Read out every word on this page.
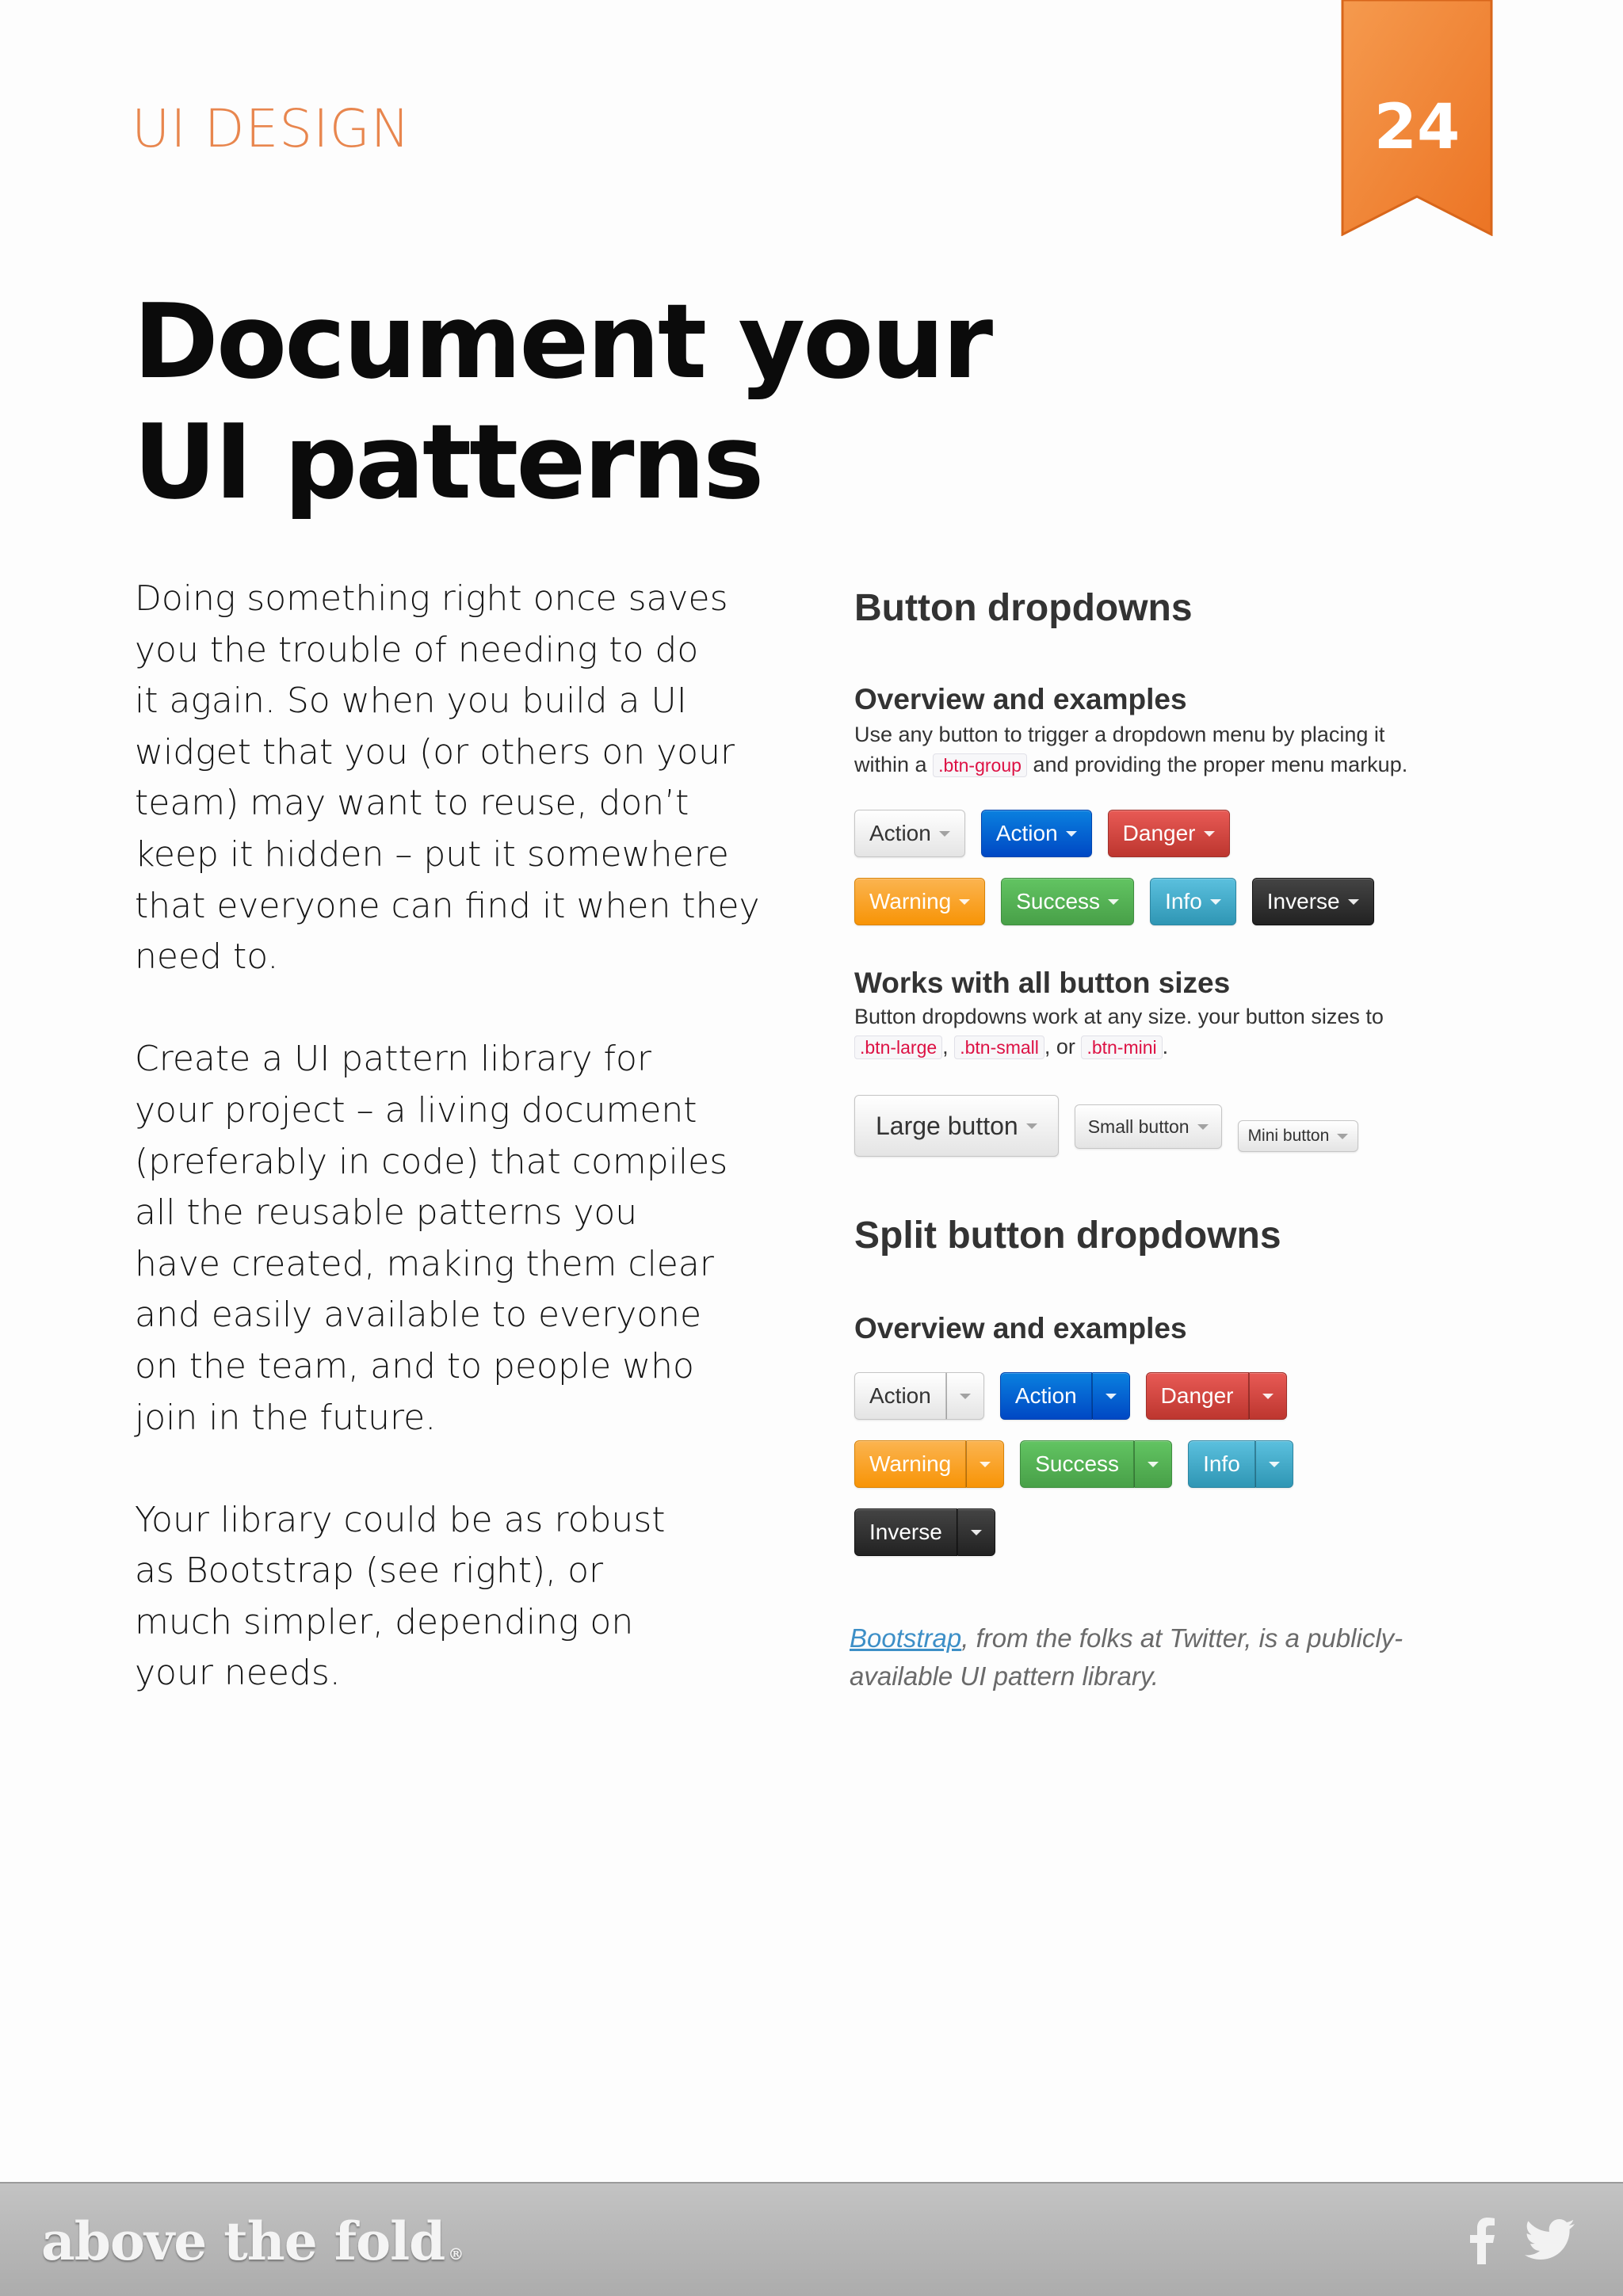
UI DESIGN	24
Document your
UI patterns

Doing something right once saves
you the trouble of needing to do
it again. So when you build a UI
widget that you (or others on your
team) may want to reuse, don’t
keep it hidden – put it somewhere
that everyone can find it when they
need to.

Create a UI pattern library for
your project – a living document
(preferably in code) that compiles
all the reusable patterns you
have created, making them clear
and easily available to everyone
on the team, and to people who
join in the future.

Your library could be as robust
as Bootstrap (see right), or
much simpler, depending on
your needs.

Button dropdowns
Overview and examples
Use any button to trigger a dropdown menu by placing it
within a .btn-group and providing the proper menu markup.
Action	Action	Danger
Warning	Success	Info	Inverse
Works with all button sizes
Button dropdowns work at any size. your button sizes to
.btn-large , .btn-small , or .btn-mini .
Large button	Small button	Mini button
Split button dropdowns
Overview and examples
Action	Action	Danger
Warning	Success	Info
Inverse
Bootstrap, from the folks at Twitter, is a publicly-
available UI pattern library.
above the fold ®
